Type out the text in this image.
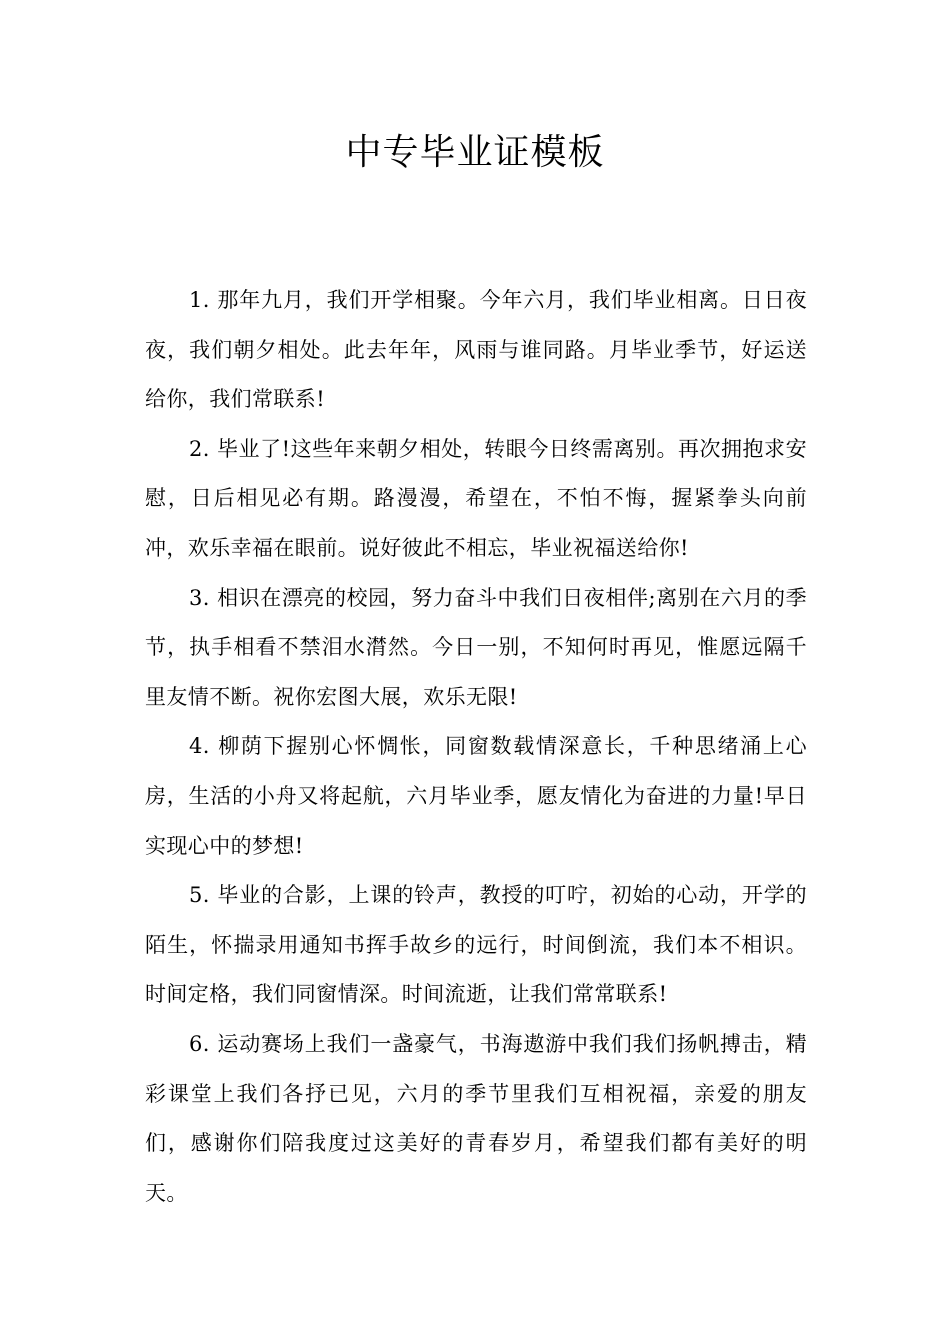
中专毕业证模板

1. 那年九月，我们开学相聚。今年六月，我们毕业相离。日日夜夜，我们朝夕相处。此去年年，风雨与谁同路。月毕业季节，好运送给你，我们常联系!

2. 毕业了!这些年来朝夕相处，转眼今日终需离别。再次拥抱求安慰，日后相见必有期。路漫漫，希望在，不怕不悔，握紧拳头向前冲，欢乐幸福在眼前。说好彼此不相忘，毕业祝福送给你!

3. 相识在漂亮的校园，努力奋斗中我们日夜相伴;离别在六月的季节，执手相看不禁泪水潸然。今日一别，不知何时再见，惟愿远隔千里友情不断。祝你宏图大展，欢乐无限!

4. 柳荫下握别心怀惆怅，同窗数载情深意长，千种思绪涌上心房，生活的小舟又将起航，六月毕业季，愿友情化为奋进的力量!早日实现心中的梦想!

5. 毕业的合影，上课的铃声，教授的叮咛，初始的心动，开学的陌生，怀揣录用通知书挥手故乡的远行，时间倒流，我们本不相识。时间定格，我们同窗情深。时间流逝，让我们常常联系!

6. 运动赛场上我们一盏豪气，书海遨游中我们我们扬帆搏击，精彩课堂上我们各抒已见，六月的季节里我们互相祝福，亲爱的朋友们，感谢你们陪我度过这美好的青春岁月，希望我们都有美好的明天。
